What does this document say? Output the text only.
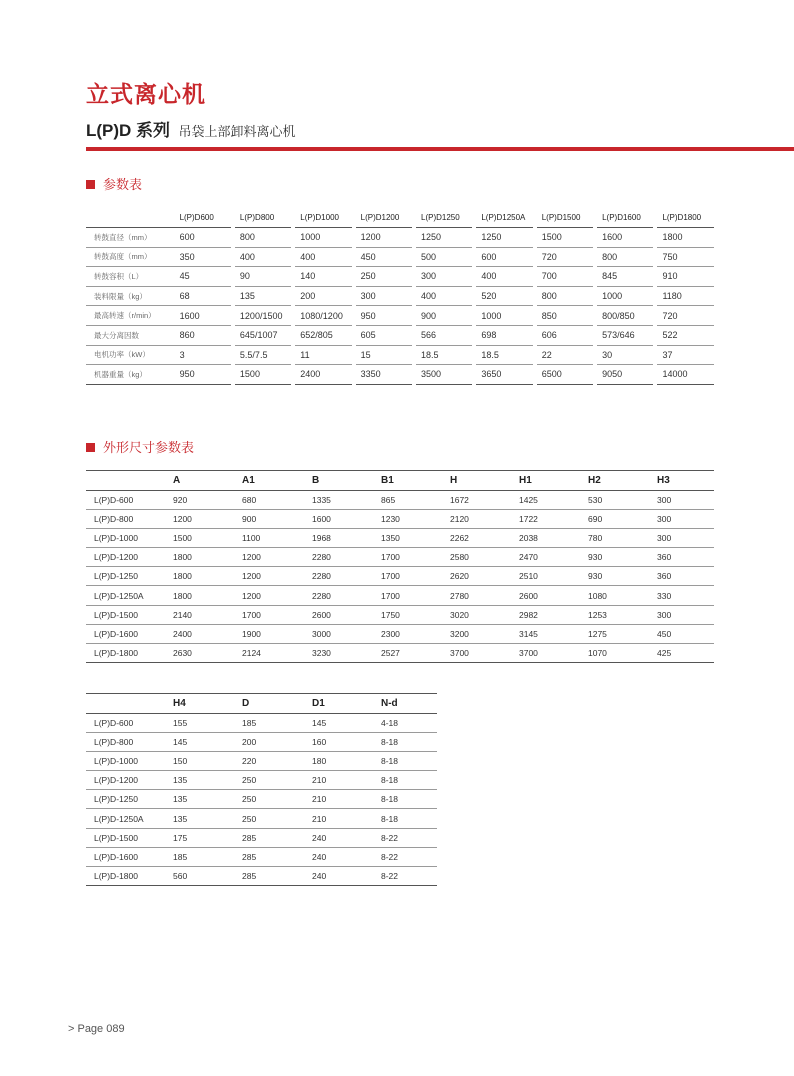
立式离心机
L(P)D 系列 吊袋上部卸料离心机
参数表
	L(P)D600		L(P)D800		L(P)D1000		L(P)D1200		L(P)D1250		L(P)D1250A		L(P)D1500		L(P)D1600		L(P)D1800
转鼓直径（mm）	600		800		1000		1200		1250		1250		1500		1600		1800
转鼓高度（mm）	350		400		400		450		500		600		720		800		750
转鼓容积（L）	45		90		140		250		300		400		700		845		910
装料限量（kg）	68		135		200		300		400		520		800		1000		1180
最高转速（r/min）	1600		1200/1500		1080/1200		950		900		1000		850		800/850		720
最大分离因数	860		645/1007		652/805		605		566		698		606		573/646		522
电机功率（kW）	3		5.5/7.5		11		15		18.5		18.5		22		30		37
机器重量（kg）	950		1500		2400		3350		3500		3650		6500		9050		14000
外形尺寸参数表
	A	A1	B	B1	H	H1	H2	H3
L(P)D-600	920	680	1335	865	1672	1425	530	300
L(P)D-800	1200	900	1600	1230	2120	1722	690	300
L(P)D-1000	1500	1100	1968	1350	2262	2038	780	300
L(P)D-1200	1800	1200	2280	1700	2580	2470	930	360
L(P)D-1250	1800	1200	2280	1700	2620	2510	930	360
L(P)D-1250A	1800	1200	2280	1700	2780	2600	1080	330
L(P)D-1500	2140	1700	2600	1750	3020	2982	1253	300
L(P)D-1600	2400	1900	3000	2300	3200	3145	1275	450
L(P)D-1800	2630	2124	3230	2527	3700	3700	1070	425
	H4	D	D1	N-d
L(P)D-600	155	185	145	4-18
L(P)D-800	145	200	160	8-18
L(P)D-1000	150	220	180	8-18
L(P)D-1200	135	250	210	8-18
L(P)D-1250	135	250	210	8-18
L(P)D-1250A	135	250	210	8-18
L(P)D-1500	175	285	240	8-22
L(P)D-1600	185	285	240	8-22
L(P)D-1800	560	285	240	8-22
> Page 089
